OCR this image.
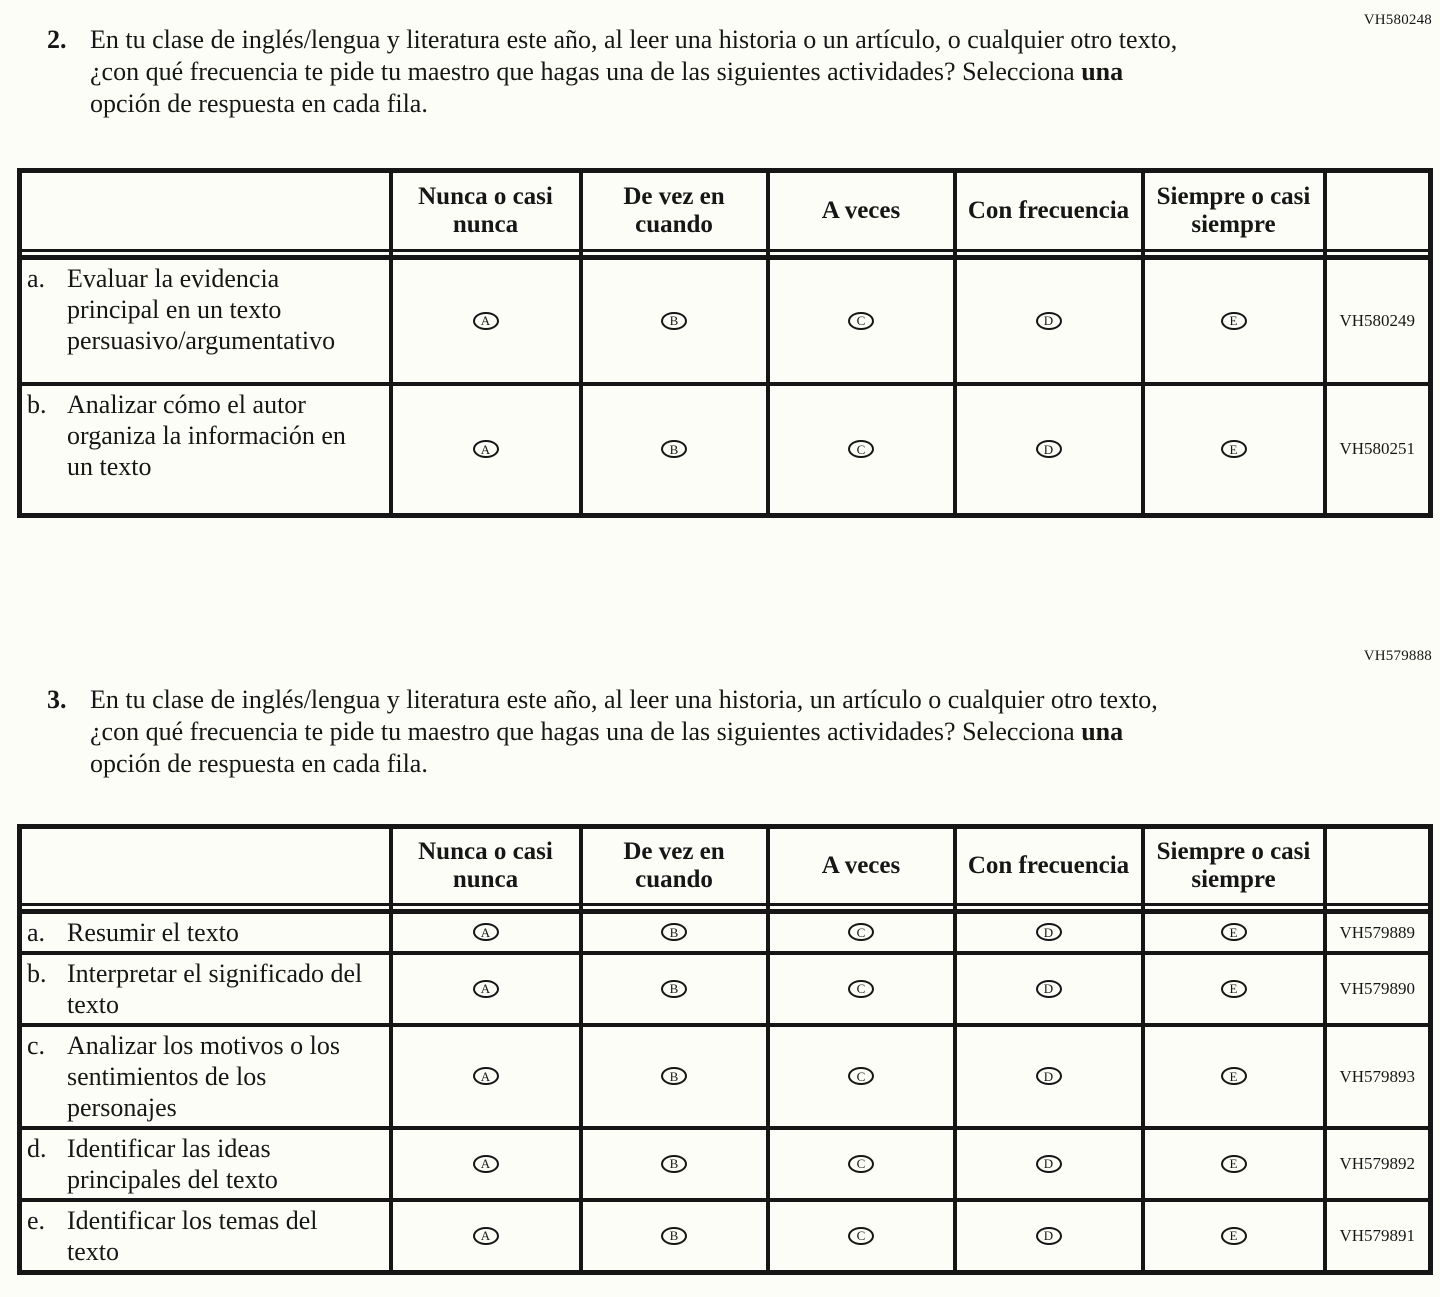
VH580248
2. En tu clase de inglés/lengua y literatura este año, al leer una historia o un artículo, o cualquier otro texto, ¿con qué frecuencia te pide tu maestro que hagas una de las siguientes actividades? Selecciona una opción de respuesta en cada fila.
	Nunca o casi nunca	De vez en cuando	A veces	Con frecuencia	Siempre o casi siempre	

a. Evaluar la evidencia principal en un texto persuasivo/argumentativo	A	B	C	D	E	VH580249

b. Analizar cómo el autor organiza la información en un texto	A	B	C	D	E	VH580251
VH579888
3. En tu clase de inglés/lengua y literatura este año, al leer una historia, un artículo o cualquier otro texto, ¿con qué frecuencia te pide tu maestro que hagas una de las siguientes actividades? Selecciona una opción de respuesta en cada fila.
	Nunca o casi nunca	De vez en cuando	A veces	Con frecuencia	Siempre o casi siempre	

a. Resumir el texto	A	B	C	D	E	VH579889

b. Interpretar el significado del texto	A	B	C	D	E	VH579890

c. Analizar los motivos o los sentimientos de los personajes	A	B	C	D	E	VH579893

d. Identificar las ideas principales del texto	A	B	C	D	E	VH579892

e. Identificar los temas del texto	A	B	C	D	E	VH579891
